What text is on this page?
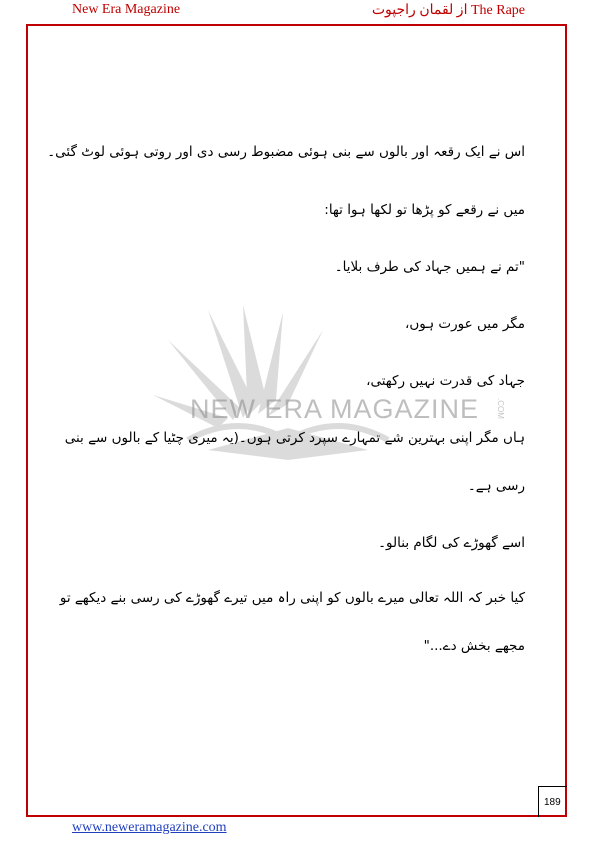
New Era Magazine	The Rape از لقمان راجپوت
NEW ERA MAGAZINE .COM
اس نے ایک رقعہ اور بالوں سے بنی ہوئی مضبوط رسی دی اور روتی ہوئی لوٹ گئی۔
میں نے رقعے کو پڑھا تو لکھا ہوا تھا:
"تم نے ہمیں جہاد کی طرف بلایا۔
مگر میں عورت ہوں،
جہاد کی قدرت نہیں رکھتی،
ہاں مگر اپنی بہترین شے تمہارے سپرد کرتی ہوں۔(یہ میری چٹیا کے بالوں سے بنی
رسی ہے۔
اسے گھوڑے کی لگام بنالو۔
کیا خبر کہ اللہ تعالی میرے بالوں کو اپنی راہ میں تیرے گھوڑے کی رسی بنے دیکھے تو
مجھے بخش دے..."
189
www.neweramagazine.com
